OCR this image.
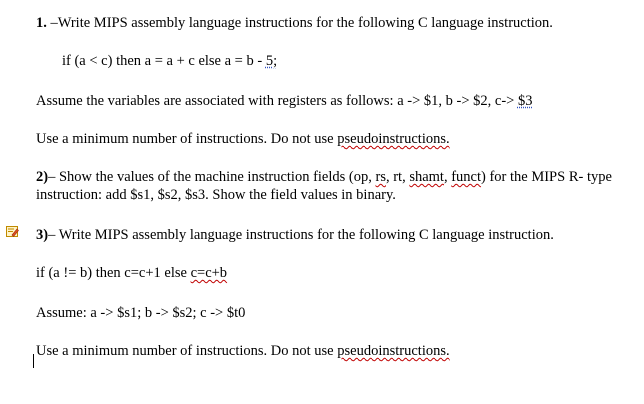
1. –Write MIPS assembly language instructions for the following C language instruction.
if (a < c) then a = a + c else a = b - 5;
Assume the variables are associated with registers as follows: a -> $1, b -> $2, c-> $3
Use a minimum number of instructions. Do not use pseudoinstructions.
2)– Show the values of the machine instruction fields (op, rs, rt, shamt, funct) for the MIPS R- type
instruction: add $s1, $s2, $s3. Show the field values in binary.
3)– Write MIPS assembly language instructions for the following C language instruction.
if (a != b) then c=c+1 else c=c+b
Assume: a -> $s1; b -> $s2; c -> $t0
Use a minimum number of instructions. Do not use pseudoinstructions.
